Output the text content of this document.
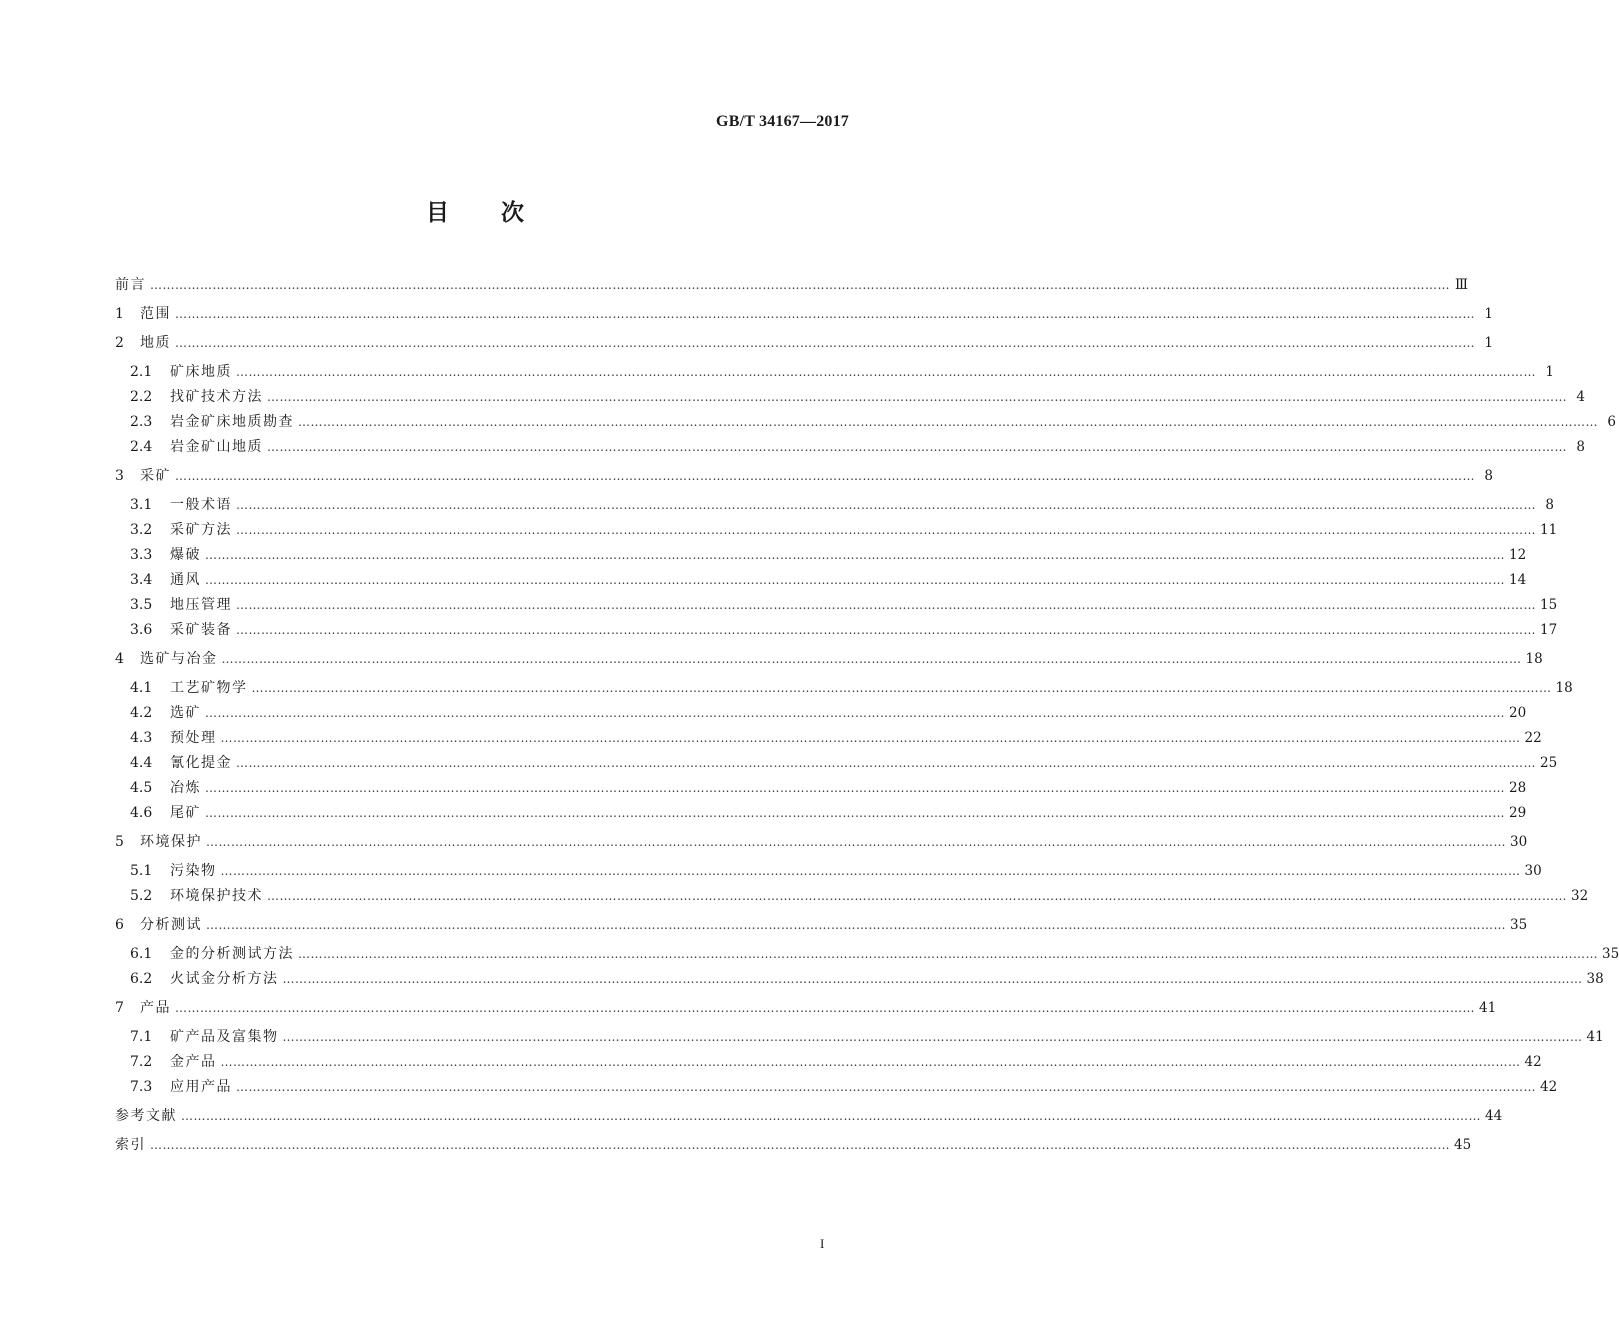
GB/T 34167—2017
目次
前言 …………………………………………………………………………………………………………………………………………………………………………………………………………………………………………………………………………………… Ⅲ
1	范围 …………………………………………………………………………………………………………………………………………………………………………………………………………………………………………………………………………………… 1
2	地质 …………………………………………………………………………………………………………………………………………………………………………………………………………………………………………………………………………………… 1
2.1	矿床地质 …………………………………………………………………………………………………………………………………………………………………………………………………………………………………………………………………………………… 1
2.2	找矿技术方法 …………………………………………………………………………………………………………………………………………………………………………………………………………………………………………………………………………………… 4
2.3	岩金矿床地质勘查 …………………………………………………………………………………………………………………………………………………………………………………………………………………………………………………………………………………… 6
2.4	岩金矿山地质 …………………………………………………………………………………………………………………………………………………………………………………………………………………………………………………………………………………… 8
3	采矿 …………………………………………………………………………………………………………………………………………………………………………………………………………………………………………………………………………………… 8
3.1	一般术语 …………………………………………………………………………………………………………………………………………………………………………………………………………………………………………………………………………………… 8
3.2	采矿方法 …………………………………………………………………………………………………………………………………………………………………………………………………………………………………………………………………………………… 11
3.3	爆破 …………………………………………………………………………………………………………………………………………………………………………………………………………………………………………………………………………………… 12
3.4	通风 …………………………………………………………………………………………………………………………………………………………………………………………………………………………………………………………………………………… 14
3.5	地压管理 …………………………………………………………………………………………………………………………………………………………………………………………………………………………………………………………………………………… 15
3.6	采矿装备 …………………………………………………………………………………………………………………………………………………………………………………………………………………………………………………………………………………… 17
4	选矿与冶金 …………………………………………………………………………………………………………………………………………………………………………………………………………………………………………………………………………………… 18
4.1	工艺矿物学 …………………………………………………………………………………………………………………………………………………………………………………………………………………………………………………………………………………… 18
4.2	选矿 …………………………………………………………………………………………………………………………………………………………………………………………………………………………………………………………………………………… 20
4.3	预处理 …………………………………………………………………………………………………………………………………………………………………………………………………………………………………………………………………………………… 22
4.4	氰化提金 …………………………………………………………………………………………………………………………………………………………………………………………………………………………………………………………………………………… 25
4.5	冶炼 …………………………………………………………………………………………………………………………………………………………………………………………………………………………………………………………………………………… 28
4.6	尾矿 …………………………………………………………………………………………………………………………………………………………………………………………………………………………………………………………………………………… 29
5	环境保护 …………………………………………………………………………………………………………………………………………………………………………………………………………………………………………………………………………………… 30
5.1	污染物 …………………………………………………………………………………………………………………………………………………………………………………………………………………………………………………………………………………… 30
5.2	环境保护技术 …………………………………………………………………………………………………………………………………………………………………………………………………………………………………………………………………………………… 32
6	分析测试 …………………………………………………………………………………………………………………………………………………………………………………………………………………………………………………………………………………… 35
6.1	金的分析测试方法 …………………………………………………………………………………………………………………………………………………………………………………………………………………………………………………………………………………… 35
6.2	火试金分析方法 …………………………………………………………………………………………………………………………………………………………………………………………………………………………………………………………………………………… 38
7	产品 …………………………………………………………………………………………………………………………………………………………………………………………………………………………………………………………………………………… 41
7.1	矿产品及富集物 …………………………………………………………………………………………………………………………………………………………………………………………………………………………………………………………………………………… 41
7.2	金产品 …………………………………………………………………………………………………………………………………………………………………………………………………………………………………………………………………………………… 42
7.3	应用产品 …………………………………………………………………………………………………………………………………………………………………………………………………………………………………………………………………………………… 42
参考文献 …………………………………………………………………………………………………………………………………………………………………………………………………………………………………………………………………………………… 44
索引 …………………………………………………………………………………………………………………………………………………………………………………………………………………………………………………………………………………… 45
I
